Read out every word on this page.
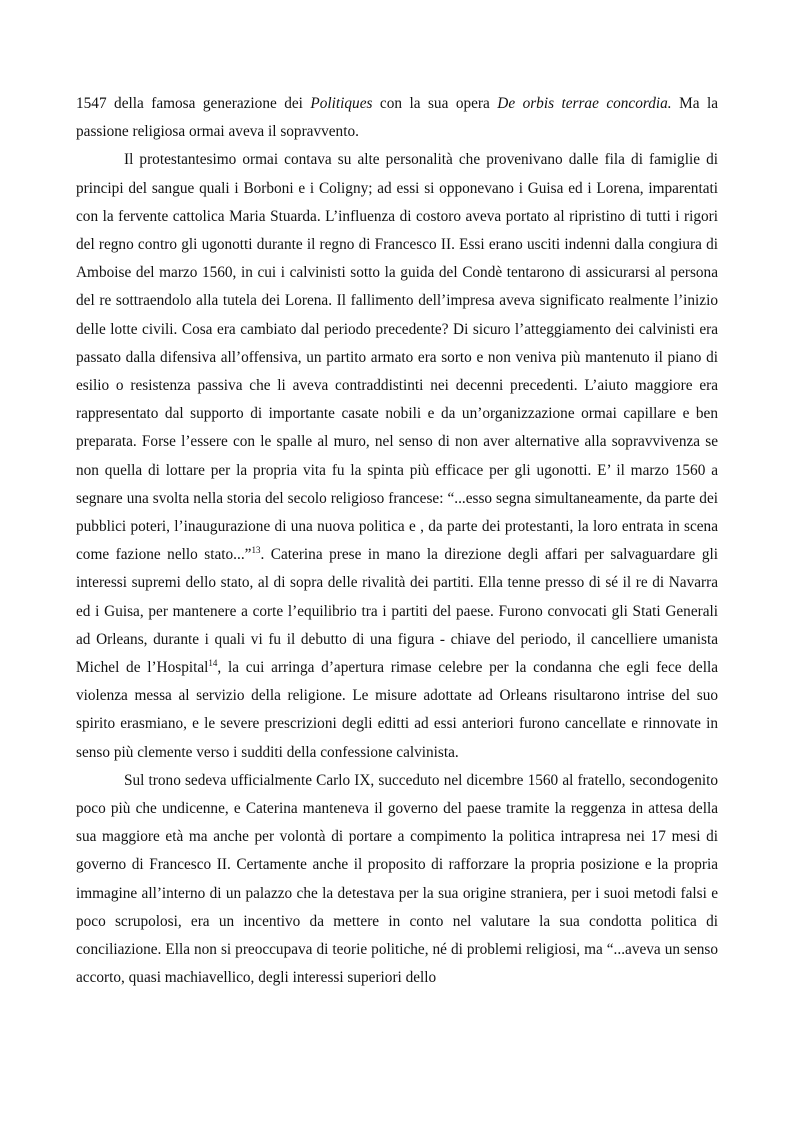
1547 della famosa generazione dei Politiques con la sua opera De orbis terrae concordia. Ma la passione religiosa ormai aveva il sopravvento.

Il protestantesimo ormai contava su alte personalità che provenivano dalle fila di famiglie di principi del sangue quali i Borboni e i Coligny; ad essi si opponevano i Guisa ed i Lorena, imparentati con la fervente cattolica Maria Stuarda. L’influenza di costoro aveva portato al ripristino di tutti i rigori del regno contro gli ugonotti durante il regno di Francesco II. Essi erano usciti indenni dalla congiura di Amboise del marzo 1560, in cui i calvinisti sotto la guida del Condè tentarono di assicurarsi al persona del re sottraendolo alla tutela dei Lorena. Il fallimento dell’impresa aveva significato realmente l’inizio delle lotte civili. Cosa era cambiato dal periodo precedente? Di sicuro l’atteggiamento dei calvinisti era passato dalla difensiva all’offensiva, un partito armato era sorto e non veniva più mantenuto il piano di esilio o resistenza passiva che li aveva contraddistinti nei decenni precedenti. L’aiuto maggiore era rappresentato dal supporto di importante casate nobili e da un’organizzazione ormai capillare e ben preparata. Forse l’essere con le spalle al muro, nel senso di non aver alternative alla sopravvivenza se non quella di lottare per la propria vita fu la spinta più efficace per gli ugonotti. E’ il marzo 1560 a segnare una svolta nella storia del secolo religioso francese: “...esso segna simultaneamente, da parte dei pubblici poteri, l’inaugurazione di una nuova politica e , da parte dei protestanti, la loro entrata in scena come fazione nello stato...”$^{13}$. Caterina prese in mano la direzione degli affari per salvaguardare gli interessi supremi dello stato, al di sopra delle rivalità dei partiti. Ella tenne presso di sé il re di Navarra ed i Guisa, per mantenere a corte l’equilibrio tra i partiti del paese. Furono convocati gli Stati Generali ad Orleans, durante i quali vi fu il debutto di una figura - chiave del periodo, il cancelliere umanista Michel de l’Hospital$^{14}$, la cui arringa d’apertura rimase celebre per la condanna che egli fece della violenza messa al servizio della religione. Le misure adottate ad Orleans risultarono intrise del suo spirito erasmiano, e le severe prescrizioni degli editti ad essi anteriori furono cancellate e rinnovate in senso più clemente verso i sudditi della confessione calvinista.

Sul trono sedeva ufficialmente Carlo IX, succeduto nel dicembre 1560 al fratello, secondogenito poco più che undicenne, e Caterina manteneva il governo del paese tramite la reggenza in attesa della sua maggiore età ma anche per volontà di portare a compimento la politica intrapresa nei 17 mesi di governo di Francesco II. Certamente anche il proposito di rafforzare la propria posizione e la propria immagine all’interno di un palazzo che la detestava per la sua origine straniera, per i suoi metodi falsi e poco scrupolosi, era un incentivo da mettere in conto nel valutare la sua condotta politica di conciliazione. Ella non si preoccupava di teorie politiche, né di problemi religiosi, ma “...aveva un senso accorto, quasi machiavellico, degli interessi superiori dello
